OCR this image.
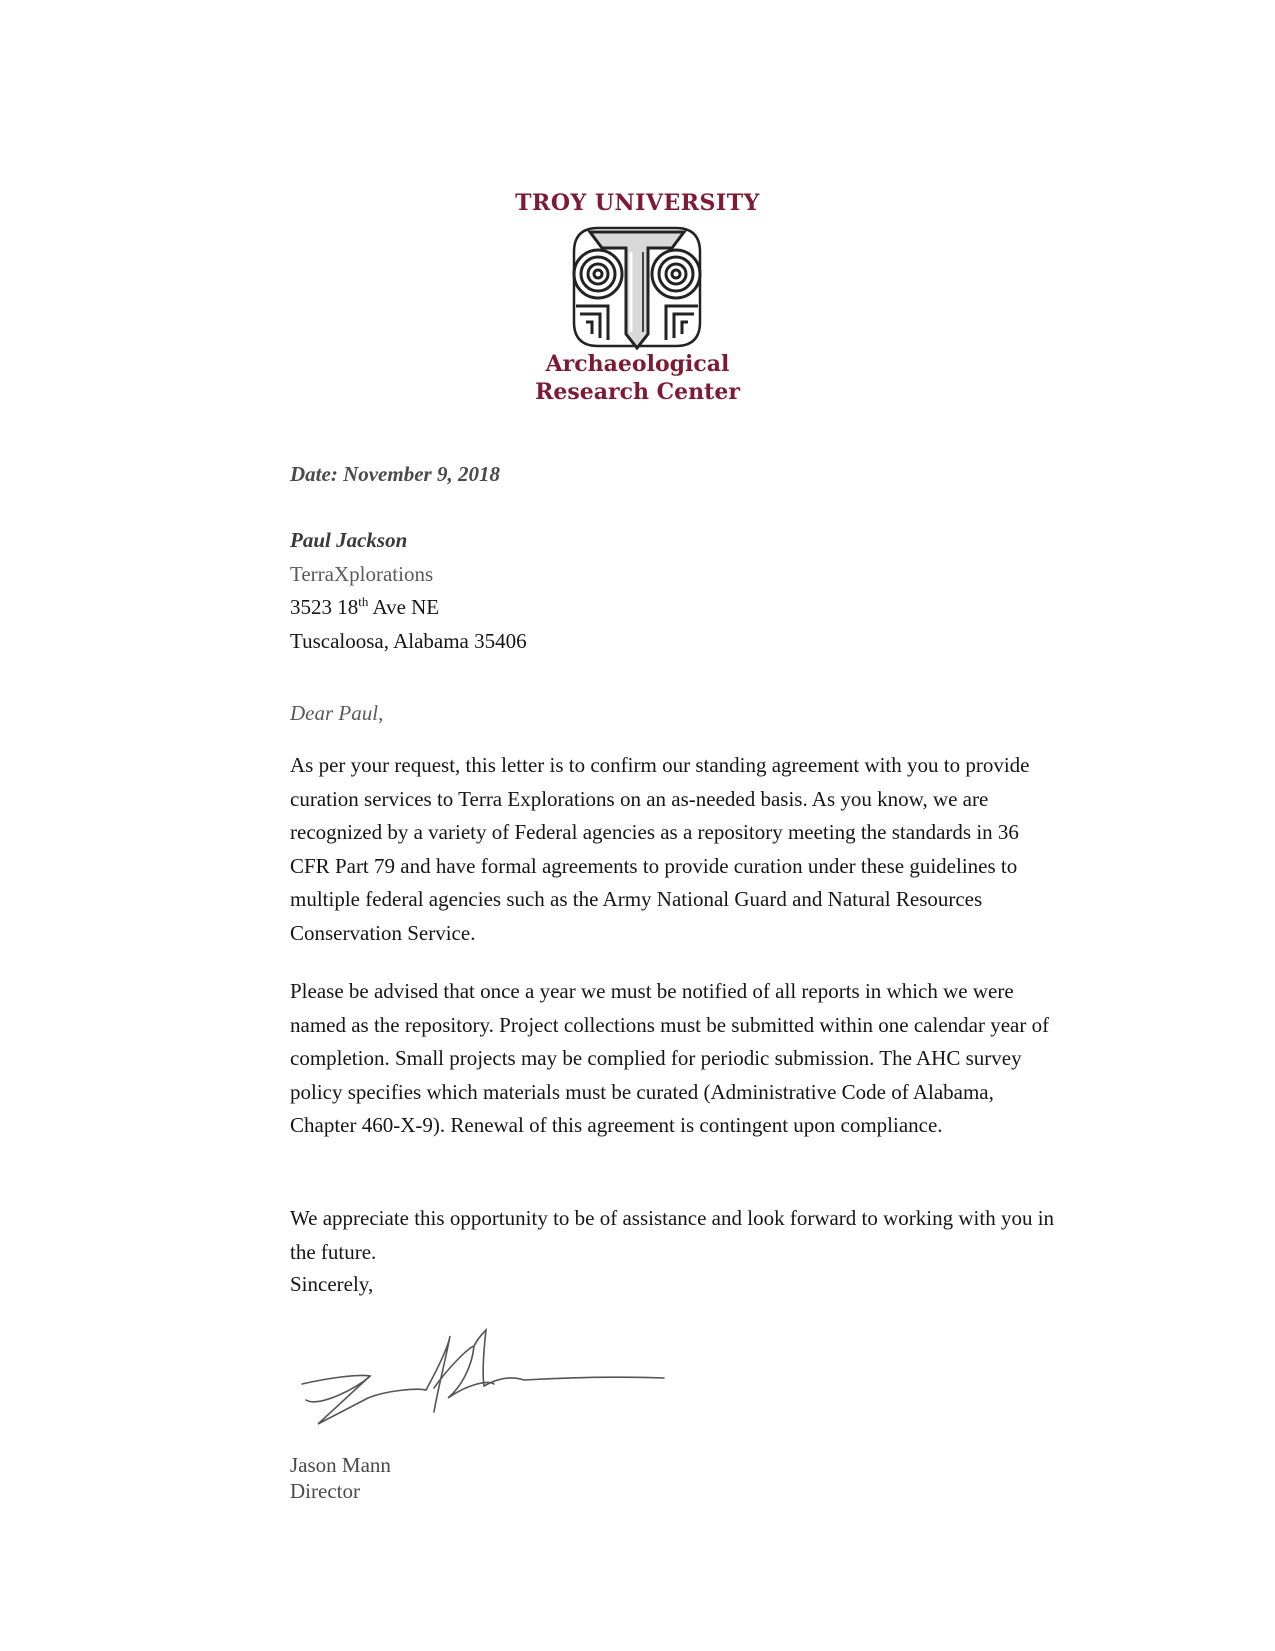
TROY UNIVERSITY
Archaeological
Research Center
Date: November 9, 2018
Paul Jackson
TerraXplorations
3523 18th Ave NE
Tuscaloosa, Alabama 35406
Dear Paul,

As per your request, this letter is to confirm our standing agreement with you to provide curation services to Terra Explorations on an as-needed basis. As you know, we are recognized by a variety of Federal agencies as a repository meeting the standards in 36 CFR Part 79 and have formal agreements to provide curation under these guidelines to multiple federal agencies such as the Army National Guard and Natural Resources Conservation Service.

Please be advised that once a year we must be notified of all reports in which we were named as the repository. Project collections must be submitted within one calendar year of completion. Small projects may be complied for periodic submission. The AHC survey policy specifies which materials must be curated (Administrative Code of Alabama, Chapter 460-X-9). Renewal of this agreement is contingent upon compliance.

We appreciate this opportunity to be of assistance and look forward to working with you in the future.

Sincerely,
Jason Mann
Director
